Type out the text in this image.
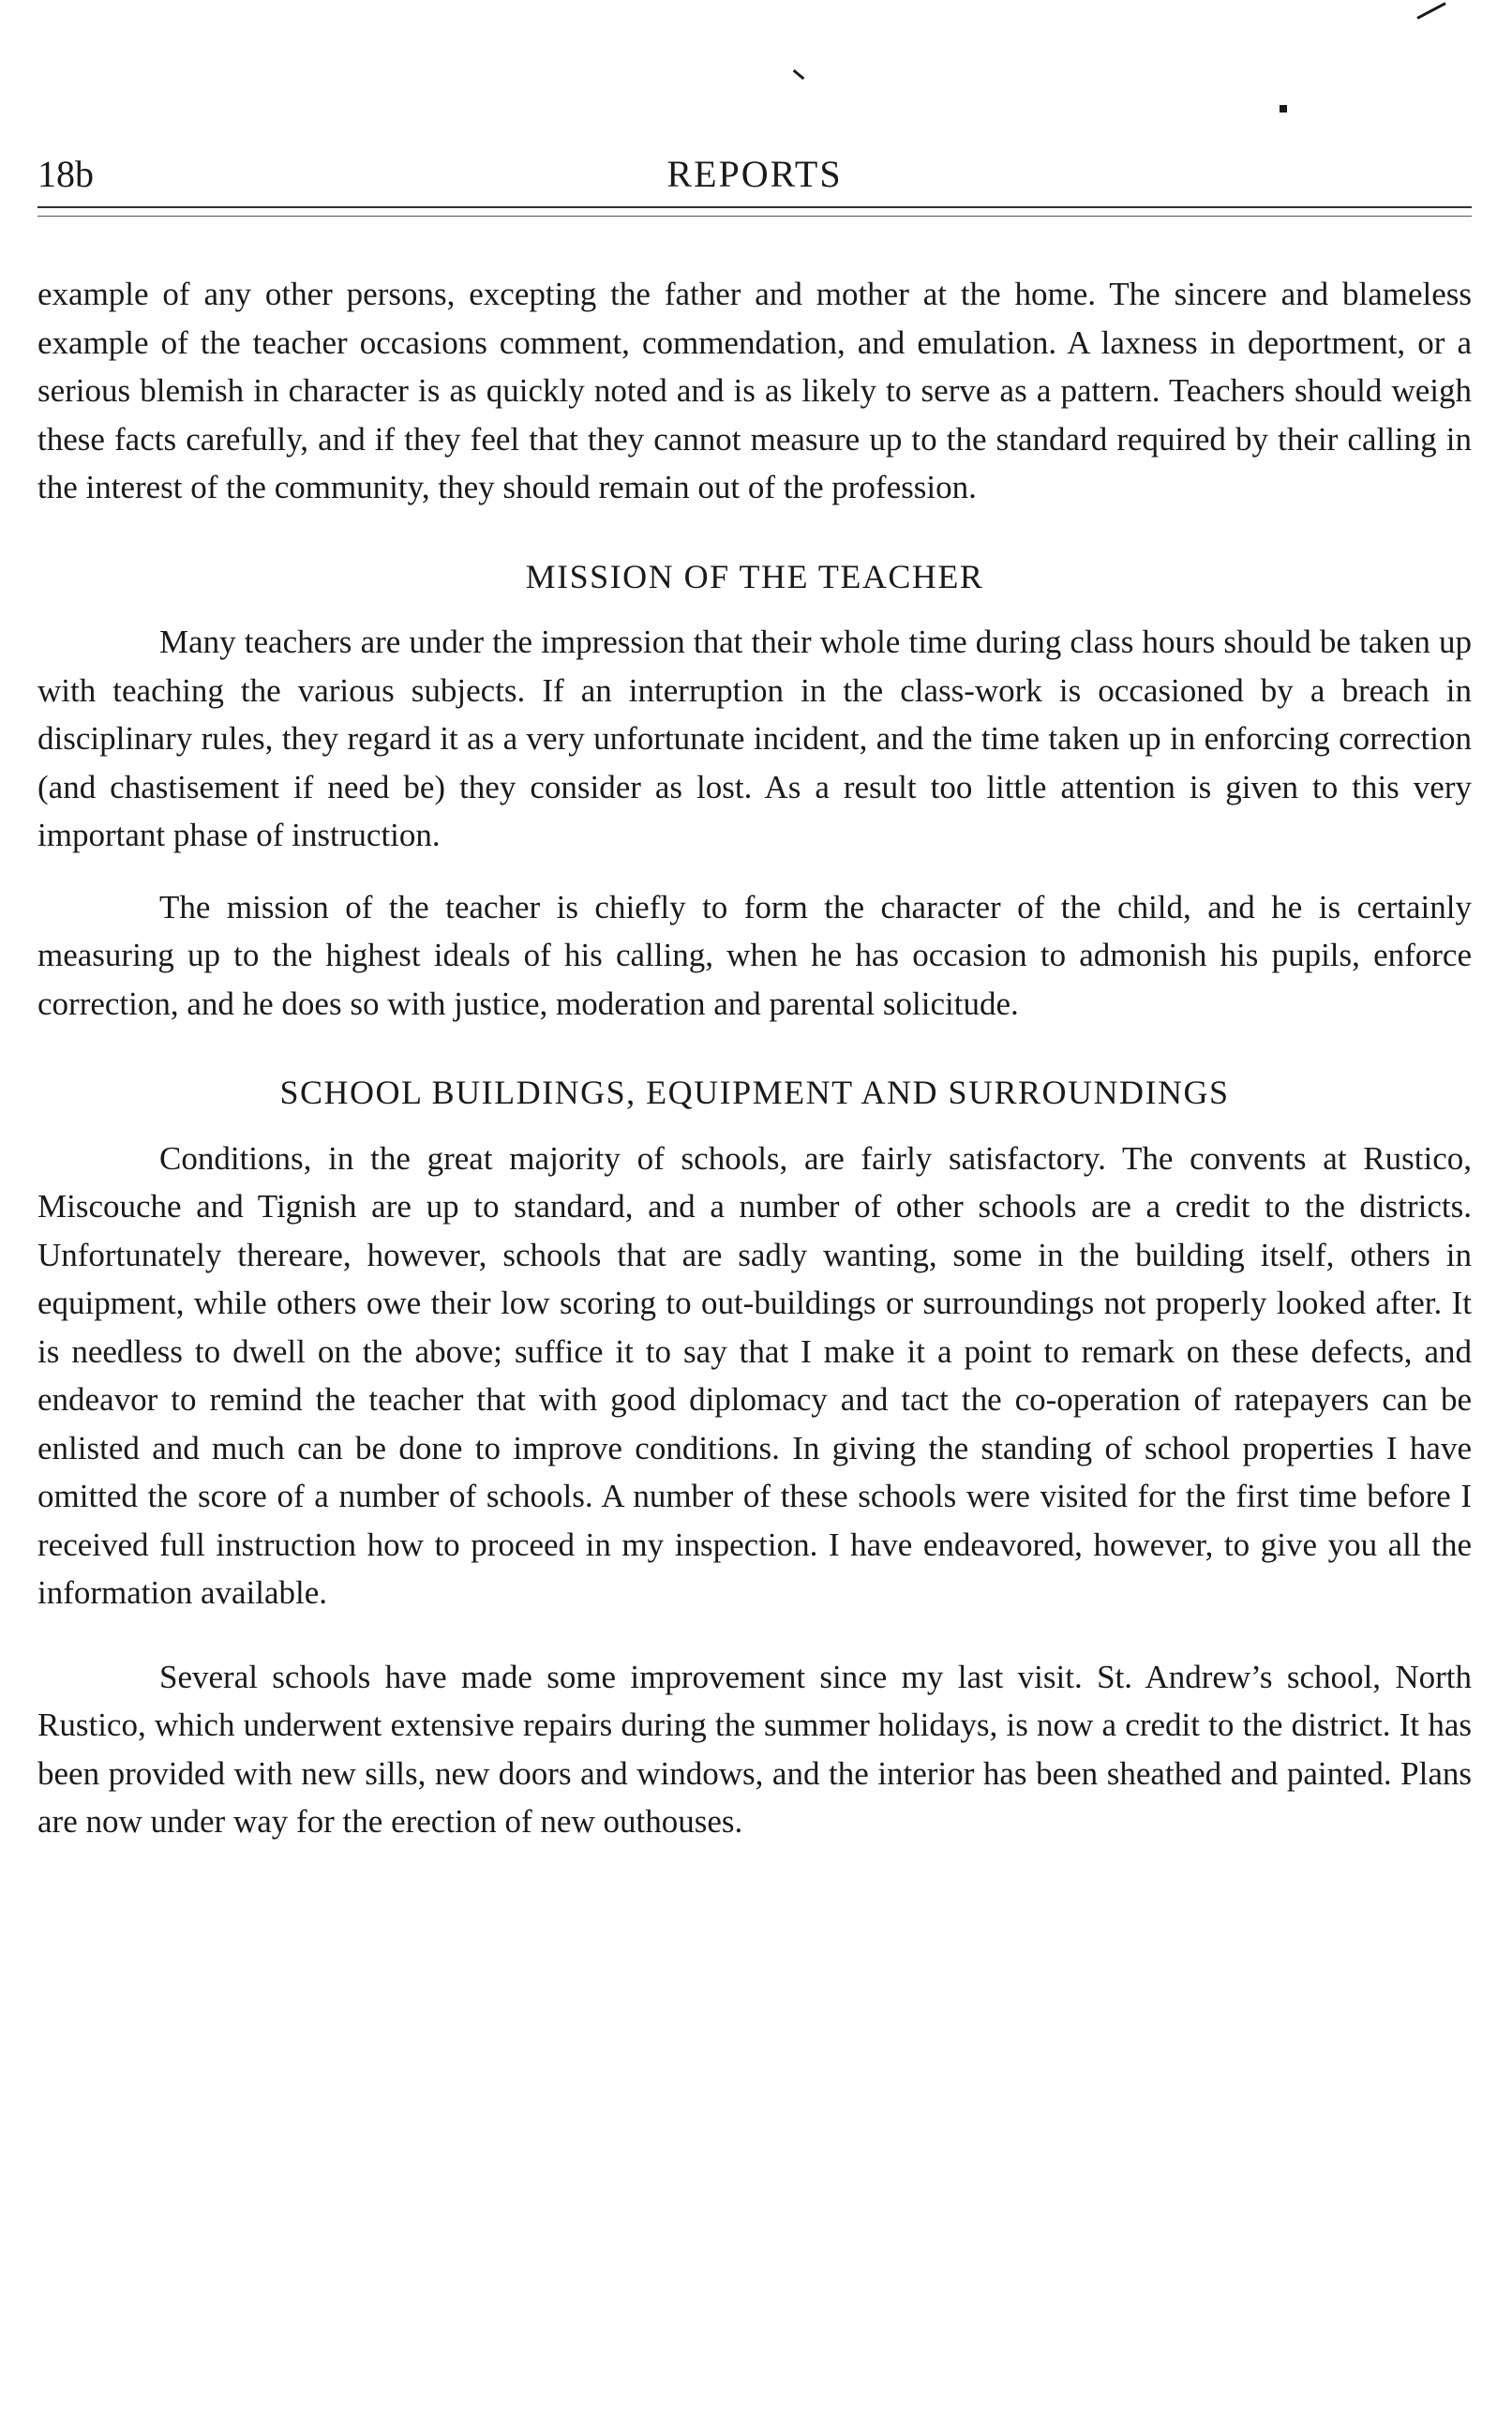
18b	REPORTS

example of any other persons, excepting the father and mother at the home. The sincere and blameless example of the teacher occasions comment, commendation, and emulation. A laxness in deportment, or a serious blemish in character is as quickly noted and is as likely to serve as a pattern. Teachers should weigh these facts carefully, and if they feel that they cannot measure up to the standard required by their calling in the interest of the community, they should remain out of the profession.

MISSION OF THE TEACHER

Many teachers are under the impression that their whole time during class hours should be taken up with teaching the various subjects. If an interruption in the class-work is occasioned by a breach in disciplinary rules, they regard it as a very unfortunate incident, and the time taken up in enforcing correction (and chastisement if need be) they consider as lost. As a result too little attention is given to this very important phase of instruction.

The mission of the teacher is chiefly to form the character of the child, and he is certainly measuring up to the highest ideals of his calling, when he has occasion to admonish his pupils, enforce correction, and he does so with justice, moderation and parental solicitude.

SCHOOL BUILDINGS, EQUIPMENT AND SURROUNDINGS

Conditions, in the great majority of schools, are fairly satisfactory. The convents at Rustico, Miscouche and Tignish are up to standard, and a number of other schools are a credit to the districts. Unfortunately thereare, however, schools that are sadly wanting, some in the building itself, others in equipment, while others owe their low scoring to out-buildings or surroundings not properly looked after. It is needless to dwell on the above; suffice it to say that I make it a point to remark on these defects, and endeavor to remind the teacher that with good diplomacy and tact the co-operation of ratepayers can be enlisted and much can be done to improve conditions. In giving the standing of school properties I have omitted the score of a number of schools. A number of these schools were visited for the first time before I received full instruction how to proceed in my inspection. I have endeavored, however, to give you all the information available.

Several schools have made some improvement since my last visit. St. Andrew’s school, North Rustico, which underwent extensive repairs during the summer holidays, is now a credit to the district. It has been provided with new sills, new doors and windows, and the interior has been sheathed and painted. Plans are now under way for the erection of new outhouses.
